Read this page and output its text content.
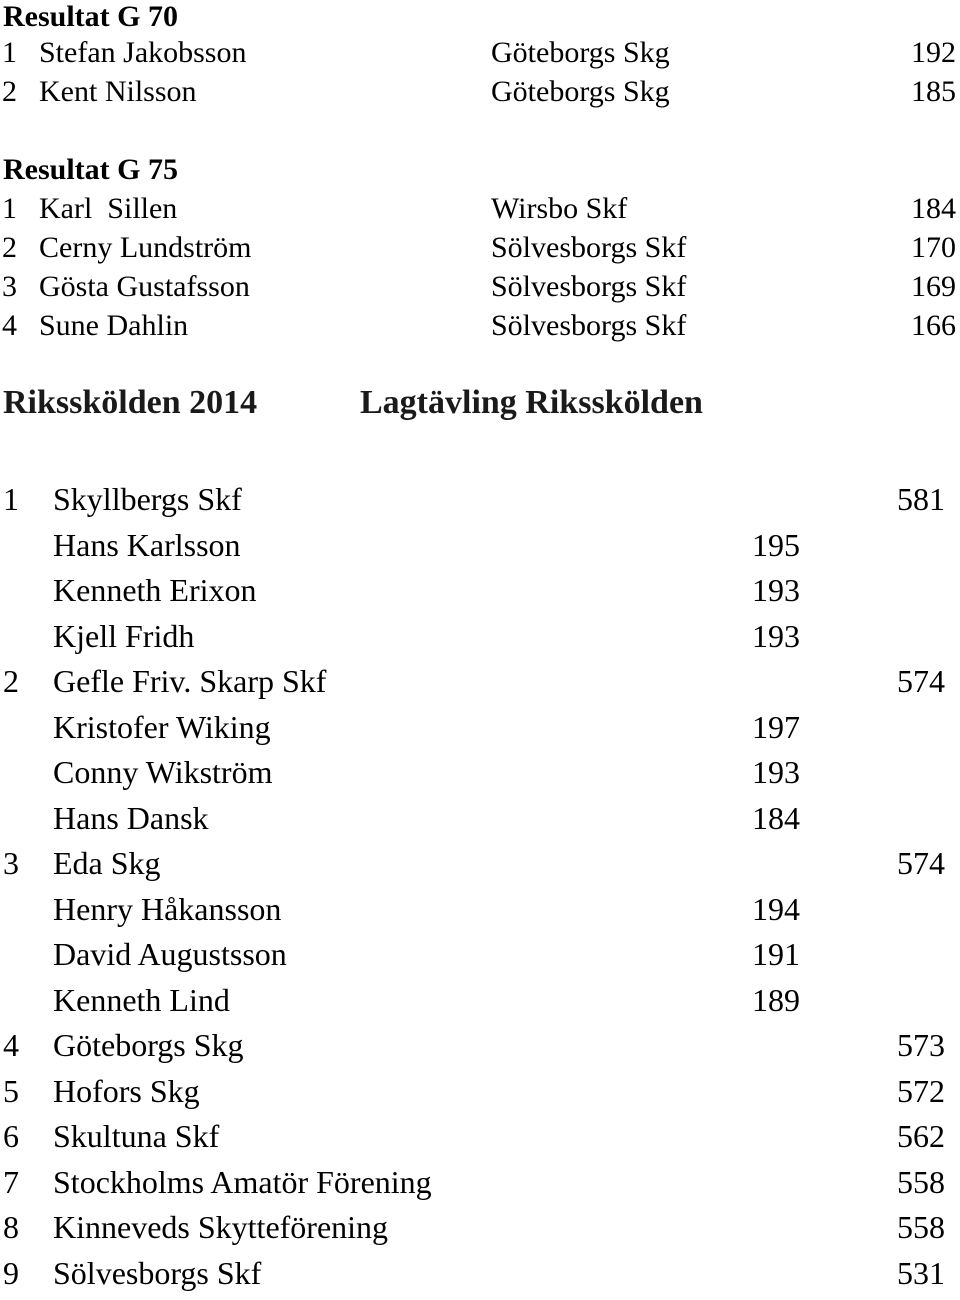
Resultat G 70
1 Stefan Jakobsson	Göteborgs Skg	192
2 Kent Nilsson	Göteborgs Skg	185
Resultat G 75
1 Karl  Sillen	Wirsbo Skf	184
2 Cerny Lundström	Sölvesborgs Skf	170
3 Gösta Gustafsson	Sölvesborgs Skf	169
4 Sune Dahlin	Sölvesborgs Skf	166
Riksskölden 2014	Lagtävling Riksskölden
1 Skyllbergs Skf	581
Hans Karlsson	195
Kenneth Erixon	193
Kjell Fridh	193
2 Gefle Friv. Skarp Skf	574
Kristofer Wiking	197
Conny Wikström	193
Hans Dansk	184
3 Eda Skg	574
Henry Håkansson	194
David Augustsson	191
Kenneth Lind	189
4 Göteborgs Skg	573
5 Hofors Skg	572
6 Skultuna Skf	562
7 Stockholms Amatör Förening	558
8 Kinneveds Skytteförening	558
9 Sölvesborgs Skf	531
